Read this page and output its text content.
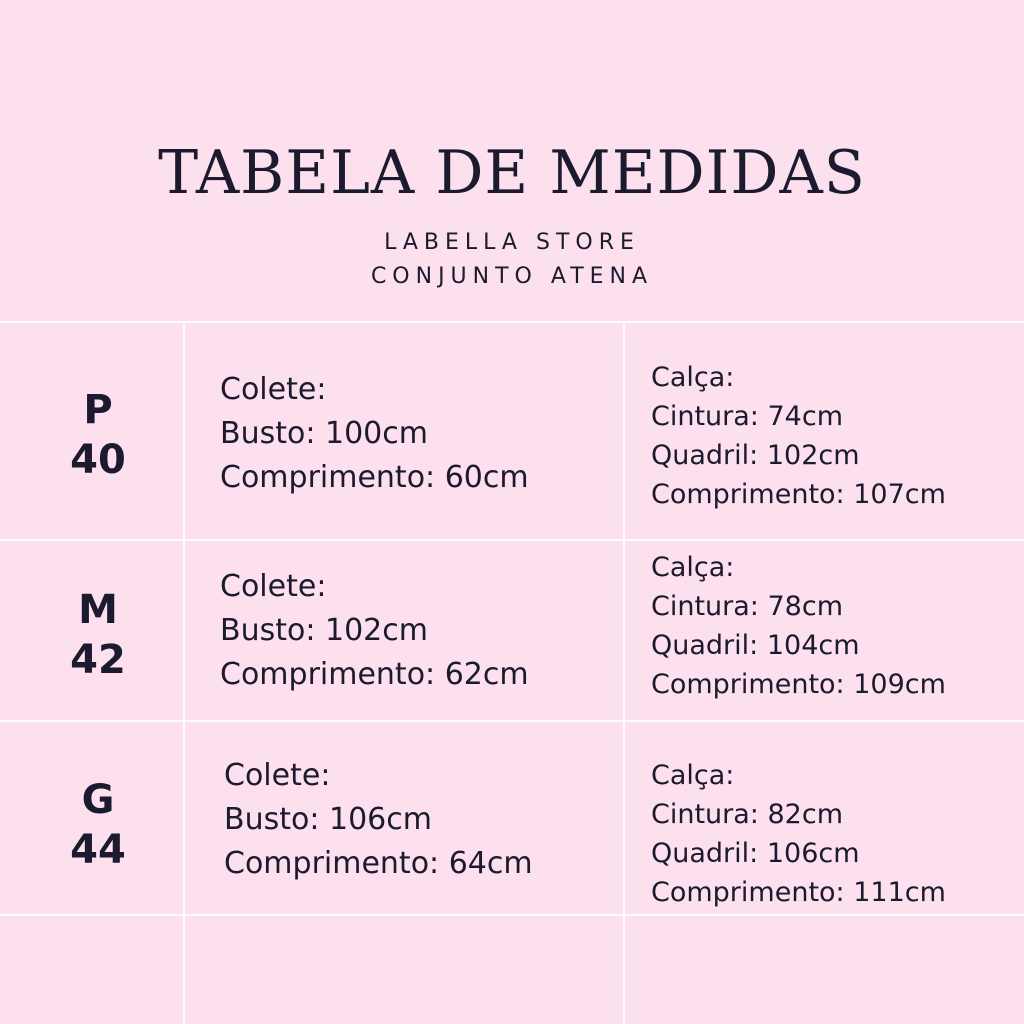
TABELA DE MEDIDAS
LABELLA STORE
CONJUNTO ATENA
P
40
Colete:
Busto: 100cm
Comprimento: 60cm
Calça:
Cintura: 74cm
Quadril: 102cm
Comprimento: 107cm
M
42
Colete:
Busto: 102cm
Comprimento: 62cm
Calça:
Cintura: 78cm
Quadril: 104cm
Comprimento: 109cm
G
44
Colete:
Busto: 106cm
Comprimento: 64cm
Calça:
Cintura: 82cm
Quadril: 106cm
Comprimento: 111cm
